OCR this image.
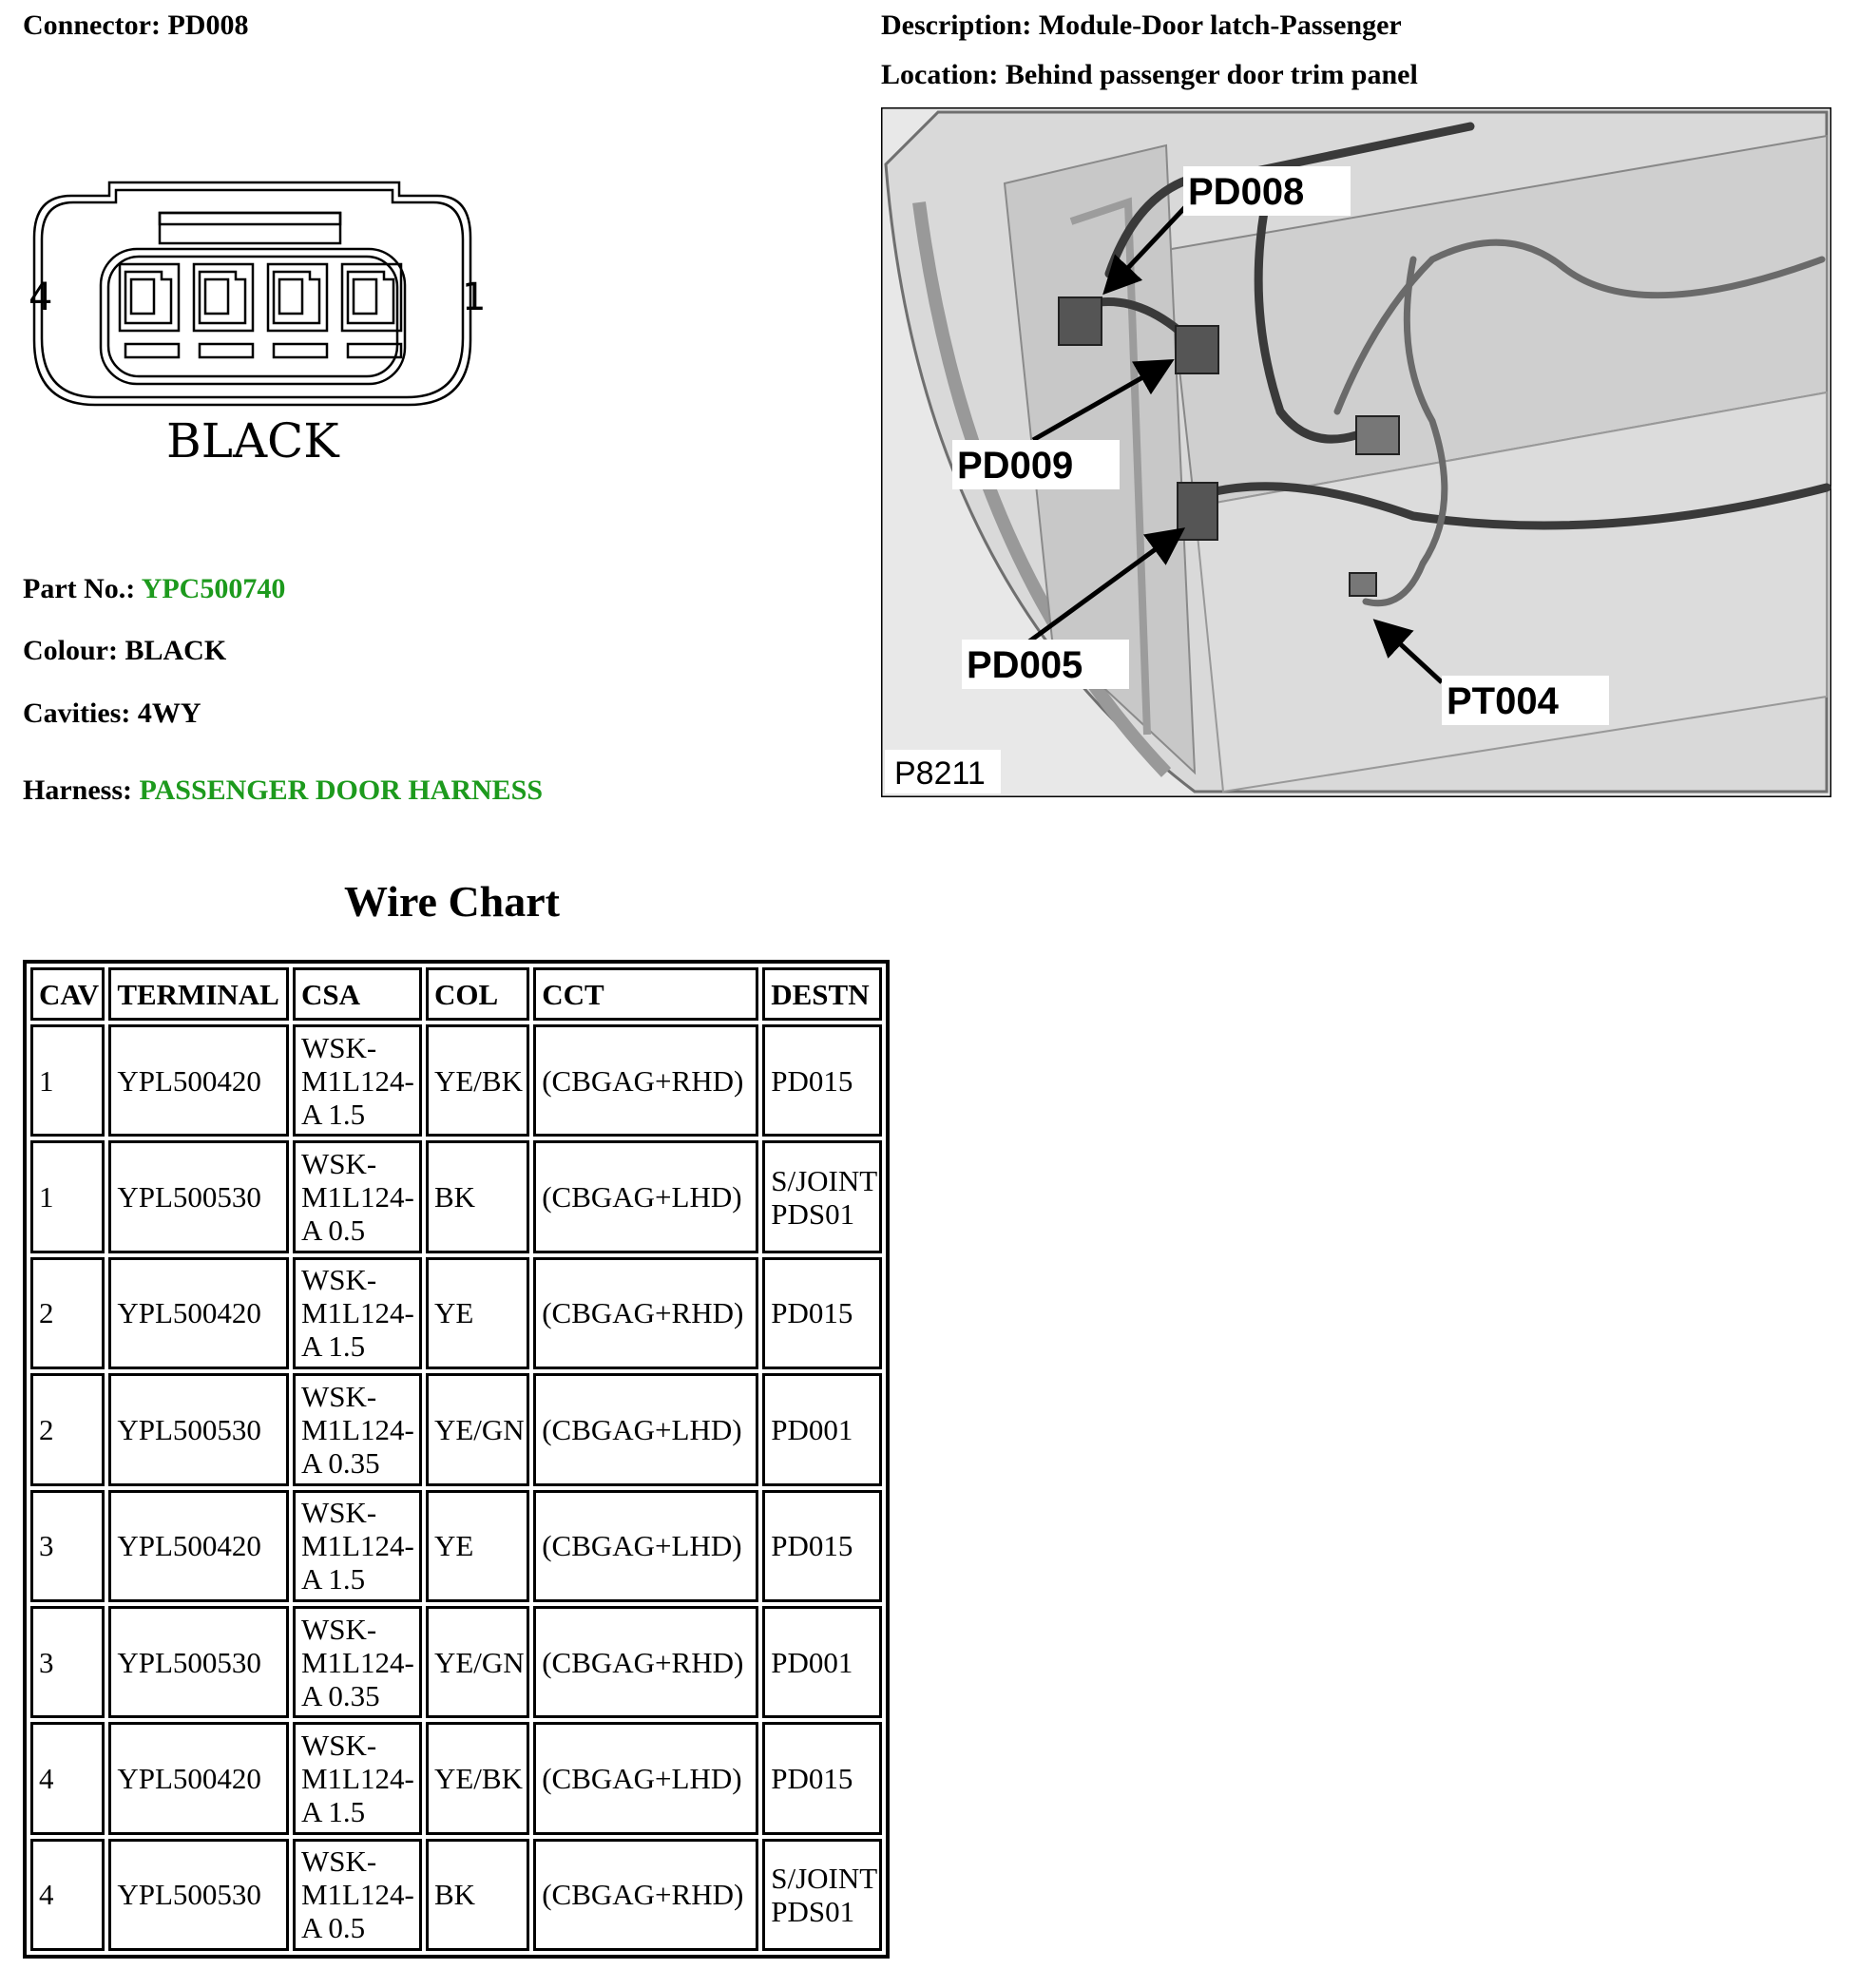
Connector: PD008	Description: Module-Door latch-Passenger
Location: Behind passenger door trim panel
4	1
BLACK
Part No.: YPC500740
Colour: BLACK
Cavities: 4WY
Harness: PASSENGER DOOR HARNESS
PD008
PD009
PD005
PT004
P8211
Wire Chart
CAV	TERMINAL	CSA	COL	CCT	DESTN
1	YPL500420	WSK-M1L124-A 1.5	YE/BK	(CBGAG+RHD)	PD015
1	YPL500530	WSK-M1L124-A 0.5	BK	(CBGAG+LHD)	S/JOINT PDS01
2	YPL500420	WSK-M1L124-A 1.5	YE	(CBGAG+RHD)	PD015
2	YPL500530	WSK-M1L124-A 0.35	YE/GN	(CBGAG+LHD)	PD001
3	YPL500420	WSK-M1L124-A 1.5	YE	(CBGAG+LHD)	PD015
3	YPL500530	WSK-M1L124-A 0.35	YE/GN	(CBGAG+RHD)	PD001
4	YPL500420	WSK-M1L124-A 1.5	YE/BK	(CBGAG+LHD)	PD015
4	YPL500530	WSK-M1L124-A 0.5	BK	(CBGAG+RHD)	S/JOINT PDS01
